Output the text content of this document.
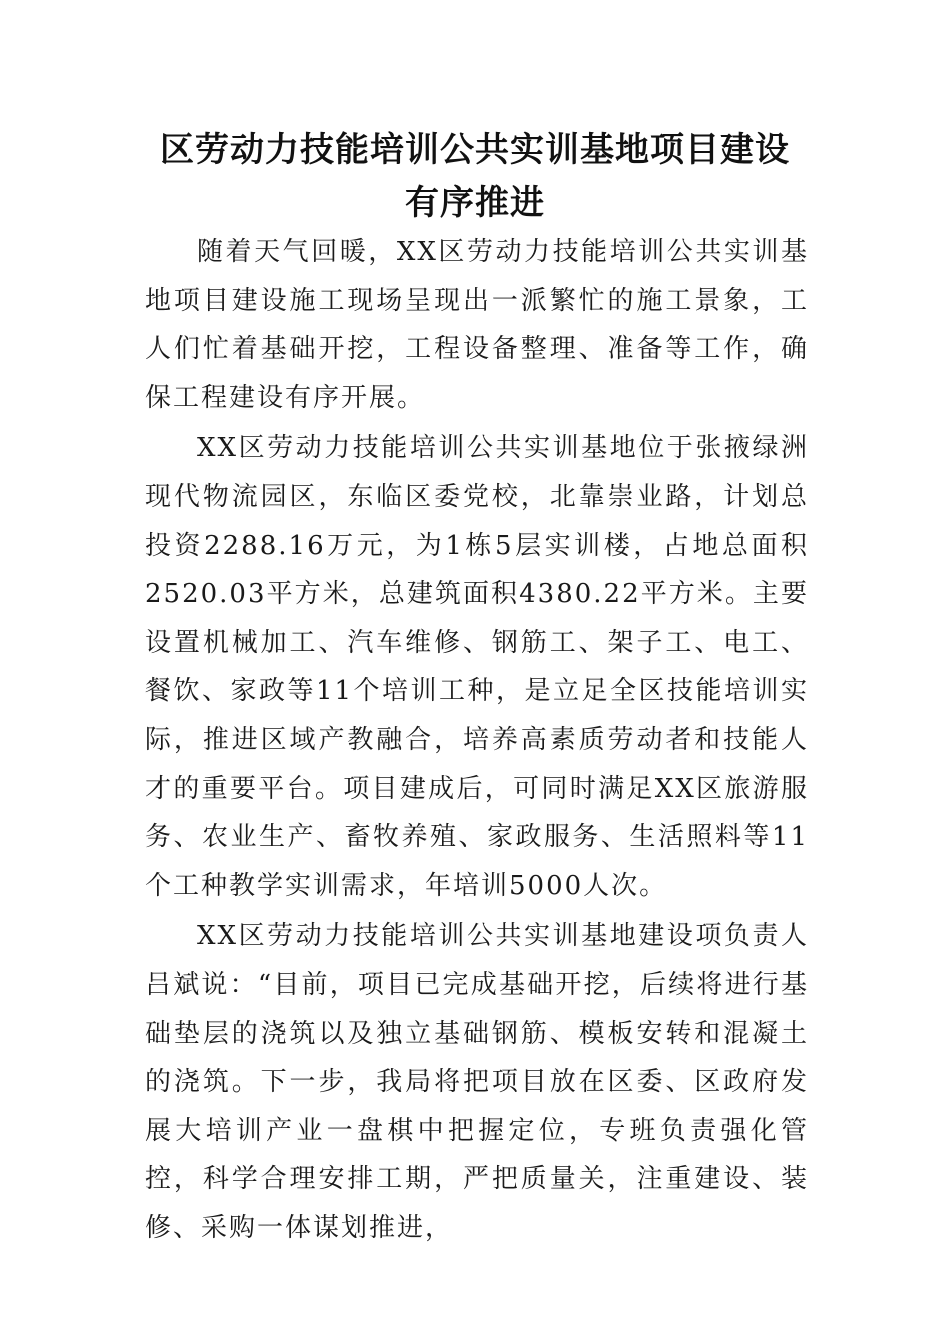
区劳动力技能培训公共实训基地项目建设
有序推进

随着天气回暖，XX区劳动力技能培训公共实训基地项目建设施工现场呈现出一派繁忙的施工景象，工人们忙着基础开挖，工程设备整理、准备等工作，确保工程建设有序开展。

XX区劳动力技能培训公共实训基地位于张掖绿洲现代物流园区，东临区委党校，北靠崇业路，计划总投资2288.16万元，为1栋5层实训楼，占地总面积2520.03平方米，总建筑面积4380.22平方米。主要设置机械加工、汽车维修、钢筋工、架子工、电工、餐饮、家政等11个培训工种，是立足全区技能培训实际，推进区域产教融合，培养高素质劳动者和技能人才的重要平台。项目建成后，可同时满足XX区旅游服务、农业生产、畜牧养殖、家政服务、生活照料等11个工种教学实训需求，年培训5000人次。

XX区劳动力技能培训公共实训基地建设项负责人吕斌说：“目前，项目已完成基础开挖，后续将进行基础垫层的浇筑以及独立基础钢筋、模板安转和混凝土的浇筑。下一步，我局将把项目放在区委、区政府发展大培训产业一盘棋中把握定位，专班负责强化管控，科学合理安排工期，严把质量关，注重建设、装修、采购一体谋划推进，
